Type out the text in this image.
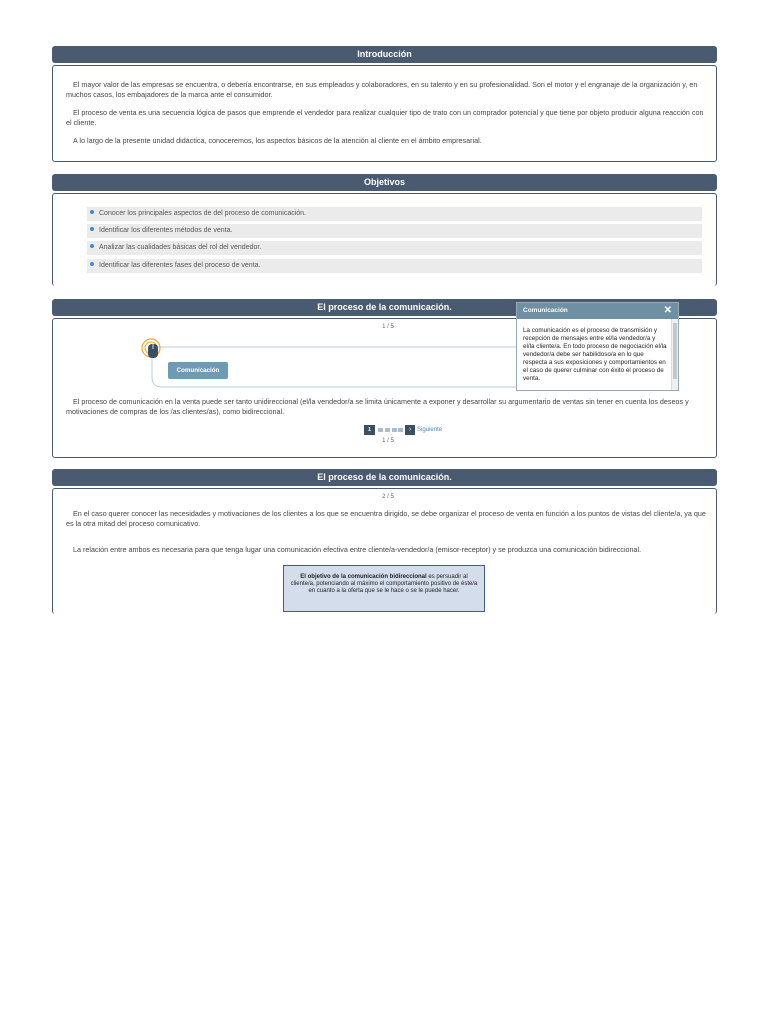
Introducción

El mayor valor de las empresas se encuentra, o debería encontrarse, en sus empleados y colaboradores, en su talento y en su profesionalidad. Son el motor y el engranaje de la organización y, en muchos casos, los embajadores de la marca ante el consumidor.

El proceso de venta es una secuencia lógica de pasos que emprende el vendedor para realizar cualquier tipo de trato con un comprador potencial y que tiene por objeto producir alguna reacción con el cliente.

A lo largo de la presente unidad didáctica, conoceremos, los aspectos básicos de la atención al cliente en el ámbito empresarial.

Objetivos
Conocer los principales aspectos de del proceso de comunicación.
Identificar los diferentes métodos de venta.
Analizar las cualidades básicas del rol del vendedor.
Identificar las diferentes fases del proceso de venta.
El proceso de la comunicación.
1 / 5
Comunicación

El proceso de comunicación en la venta puede ser tanto unidireccional (el/la vendedor/a se limita únicamente a exponer y desarrollar su argumentario de ventas sin tener en cuenta los deseos y motivaciones de compras de los /as clientes/as), como bidireccional.

1	› Siguiente
1 / 5
Comunicación	✕
La comunicación es el proceso de transmisión y recepción de mensajes entre el/la vendedor/a y el/la cliente/a. En todo proceso de negociación el/la vendedor/a debe ser habilidoso/a en lo que respecta a sus exposiciones y comportamientos en el caso de querer culminar con éxito el proceso de venta.
El proceso de la comunicación.
2 / 5

En el caso querer conocer las necesidades y motivaciones de los clientes a los que se encuentra dirigido, se debe organizar el proceso de venta en función a los puntos de vistas del cliente/a, ya que es la otra mitad del proceso comunicativo.

La relación entre ambos es necesaria para que tenga lugar una comunicación efectiva entre cliente/a-vendedor/a (emisor-receptor) y se produzca una comunicación bidireccional.

El objetivo de la comunicación bidireccional es persuadir al cliente/a, potenciando al máximo el comportamiento positivo de éste/a en cuanto a la oferta que se le hace o se le puede hacer.
